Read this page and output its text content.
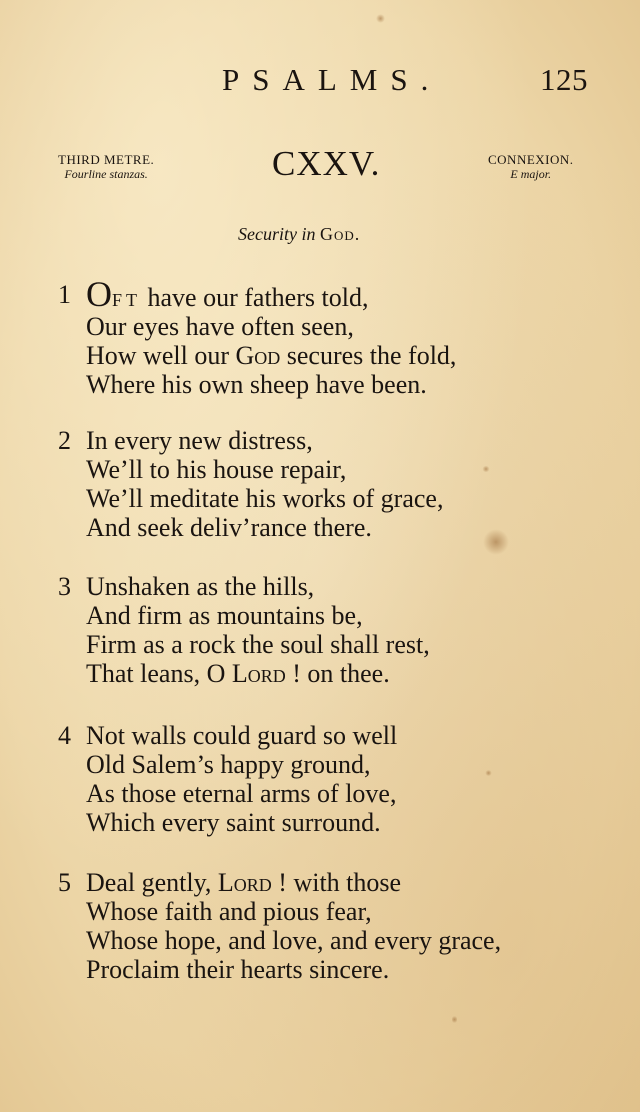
PSALMS.	125
THIRD METRE.
Fourline stanzas.	CXXV.	CONNEXION.
E major.
Security in God.
1 Oft have our fathers told,
Our eyes have often seen,
How well our God secures the fold,
Where his own sheep have been.
2 In every new distress,
We’ll to his house repair,
We’ll meditate his works of grace,
And seek deliv’rance there.
3 Unshaken as the hills,
And firm as mountains be,
Firm as a rock the soul shall rest,
That leans, O Lord ! on thee.
4 Not walls could guard so well
Old Salem’s happy ground,
As those eternal arms of love,
Which every saint surround.
5 Deal gently, Lord ! with those
Whose faith and pious fear,
Whose hope, and love, and every grace,
Proclaim their hearts sincere.
